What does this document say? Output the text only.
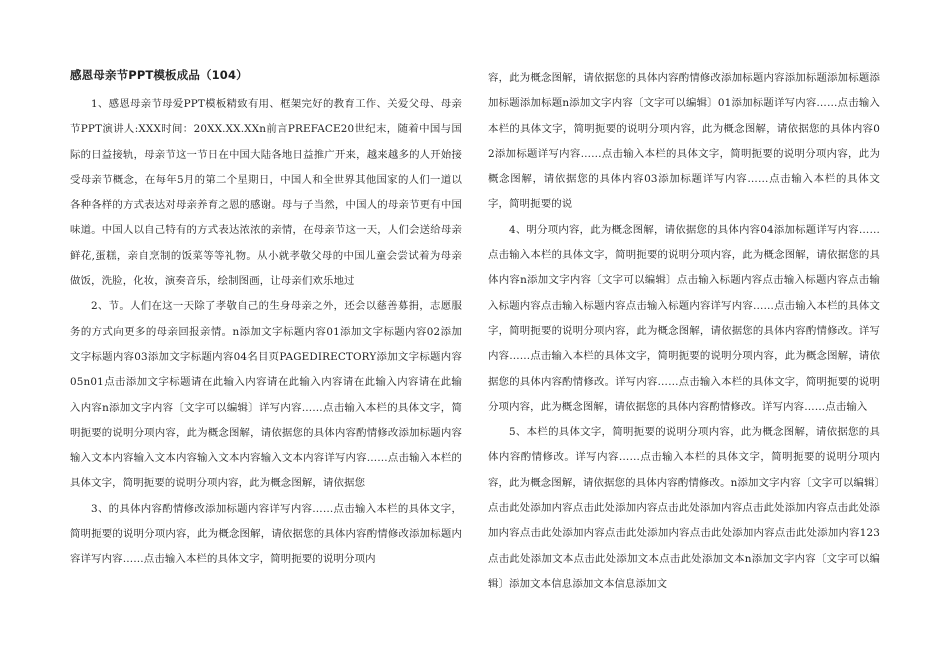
感恩母亲节PPT模板成品（104）

1、感恩母亲节母爱PPT模板精致有用、框架完好的教育工作、关爱父母、母亲节PPT演讲人:XXX时间：20XX.XX.XXn前言PREFACE20世纪末，随着中国与国际的日益接轨，母亲节这一节日在中国大陆各地日益推广开来，越来越多的人开始接受母亲节概念，在每年5月的第二个星期日，中国人和全世界其他国家的人们一道以各种各样的方式表达对母亲养育之恩的感谢。母与子当然，中国人的母亲节更有中国味道。中国人以自己特有的方式表达浓浓的亲情，在母亲节这一天，人们会送给母亲鲜花,蛋糕，亲自烹制的饭菜等等礼物。从小就孝敬父母的中国儿童会尝试着为母亲做饭，洗脸，化妆，演奏音乐，绘制图画，让母亲们欢乐地过

2、节。人们在这一天除了孝敬自己的生身母亲之外，还会以慈善募捐，志愿服务的方式向更多的母亲回报亲情。n添加文字标题内容01添加文字标题内容02添加文字标题内容03添加文字标题内容04名目页PAGEDIRECTORY添加文字标题内容05n01点击添加文字标题请在此输入内容请在此输入内容请在此输入内容请在此输入内容n添加文字内容〔文字可以编辑〕详写内容……点击输入本栏的具体文字，简明扼要的说明分项内容，此为概念图解，请依据您的具体内容酌情修改添加标题内容输入文本内容输入文本内容输入文本内容输入文本内容详写内容……点击输入本栏的具体文字，简明扼要的说明分项内容，此为概念图解，请依据您

3、的具体内容酌情修改添加标题内容详写内容……点击输入本栏的具体文字，简明扼要的说明分项内容，此为概念图解，请依据您的具体内容酌情修改添加标题内容详写内容……点击输入本栏的具体文字，简明扼要的说明分项内

容，此为概念图解，请依据您的具体内容酌情修改添加标题内容添加标题添加标题添加标题添加标题n添加文字内容〔文字可以编辑〕01添加标题详写内容……点击输入本栏的具体文字，简明扼要的说明分项内容，此为概念图解，请依据您的具体内容02添加标题详写内容……点击输入本栏的具体文字，简明扼要的说明分项内容，此为概念图解，请依据您的具体内容03添加标题详写内容……点击输入本栏的具体文字，简明扼要的说

4、明分项内容，此为概念图解，请依据您的具体内容04添加标题详写内容……点击输入本栏的具体文字，简明扼要的说明分项内容，此为概念图解，请依据您的具体内容n添加文字内容〔文字可以编辑〕点击输入标题内容点击输入标题内容点击输入标题内容点击输入标题内容点击输入标题内容详写内容……点击输入本栏的具体文字，简明扼要的说明分项内容，此为概念图解，请依据您的具体内容酌情修改。详写内容……点击输入本栏的具体文字，简明扼要的说明分项内容，此为概念图解，请依据您的具体内容酌情修改。详写内容……点击输入本栏的具体文字，简明扼要的说明分项内容，此为概念图解，请依据您的具体内容酌情修改。详写内容……点击输入

5、本栏的具体文字，简明扼要的说明分项内容，此为概念图解，请依据您的具体内容酌情修改。详写内容……点击输入本栏的具体文字，简明扼要的说明分项内容，此为概念图解，请依据您的具体内容酌情修改。n添加文字内容〔文字可以编辑〕点击此处添加内容点击此处添加内容点击此处添加内容点击此处添加内容点击此处添加内容点击此处添加内容点击此处添加内容点击此处添加内容点击此处添加内容123点击此处添加文本点击此处添加文本点击此处添加文本n添加文字内容〔文字可以编辑〕添加文本信息添加文本信息添加文
